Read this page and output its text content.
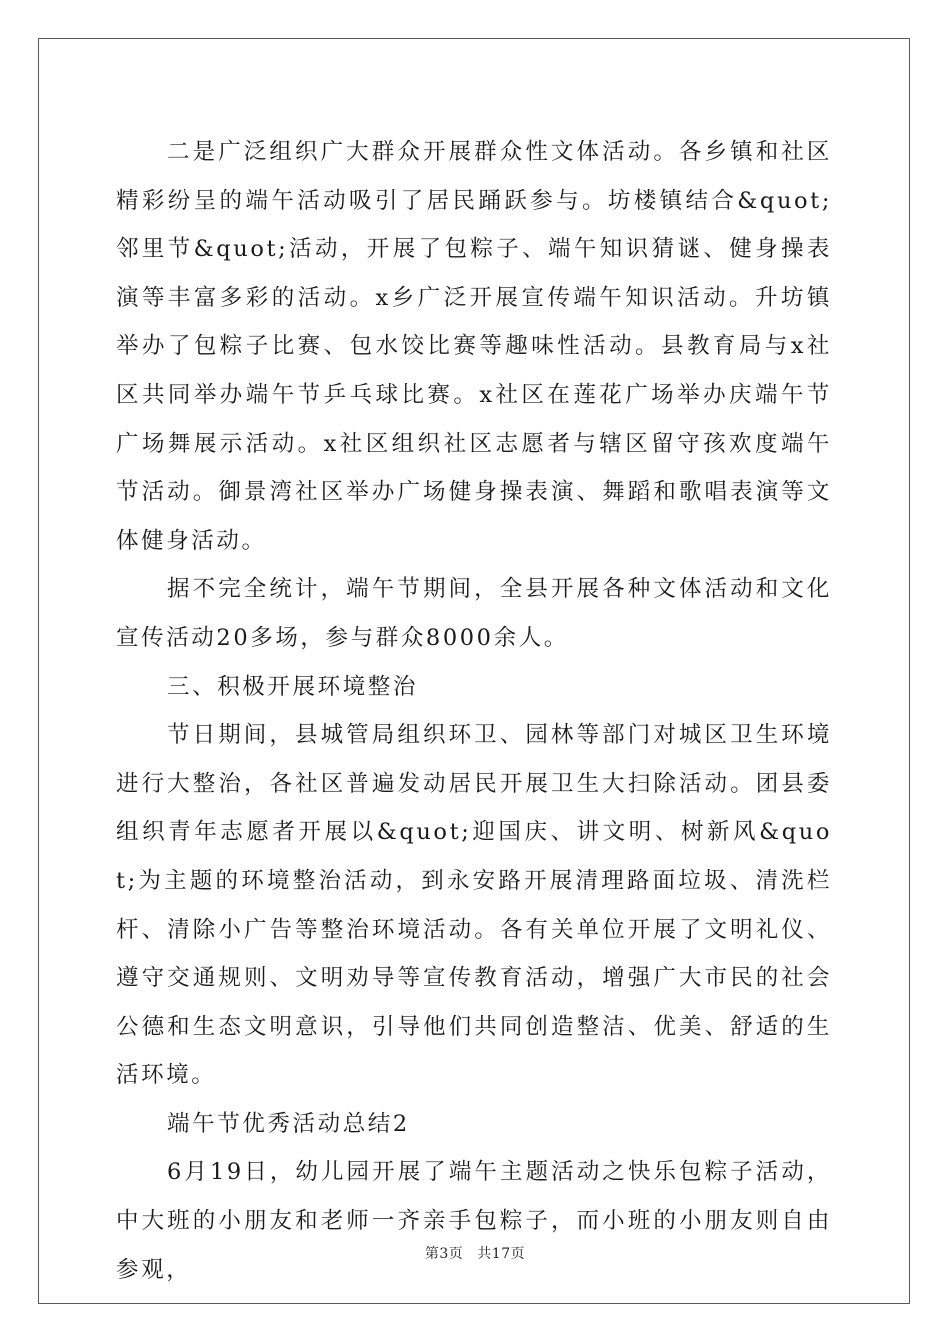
二是广泛组织广大群众开展群众性文体活动。各乡镇和社区精彩纷呈的端午活动吸引了居民踊跃参与。坊楼镇结合&quot;邻里节&quot;活动，开展了包粽子、端午知识猜谜、健身操表演等丰富多彩的活动。x乡广泛开展宣传端午知识活动。升坊镇举办了包粽子比赛、包水饺比赛等趣味性活动。县教育局与x社区共同举办端午节乒乓球比赛。x社区在莲花广场举办庆端午节广场舞展示活动。x社区组织社区志愿者与辖区留守孩欢度端午节活动。御景湾社区举办广场健身操表演、舞蹈和歌唱表演等文体健身活动。

据不完全统计，端午节期间，全县开展各种文体活动和文化宣传活动20多场，参与群众8000余人。

三、积极开展环境整治

节日期间，县城管局组织环卫、园林等部门对城区卫生环境进行大整治，各社区普遍发动居民开展卫生大扫除活动。团县委组织青年志愿者开展以&quot;迎国庆、讲文明、树新风&quot;为主题的环境整治活动，到永安路开展清理路面垃圾、清洗栏杆、清除小广告等整治环境活动。各有关单位开展了文明礼仪、遵守交通规则、文明劝导等宣传教育活动，增强广大市民的社会公德和生态文明意识，引导他们共同创造整洁、优美、舒适的生活环境。

端午节优秀活动总结2

6月19日，幼儿园开展了端午主题活动之快乐包粽子活动，中大班的小朋友和老师一齐亲手包粽子，而小班的小朋友则自由参观，

第3页 共17页
